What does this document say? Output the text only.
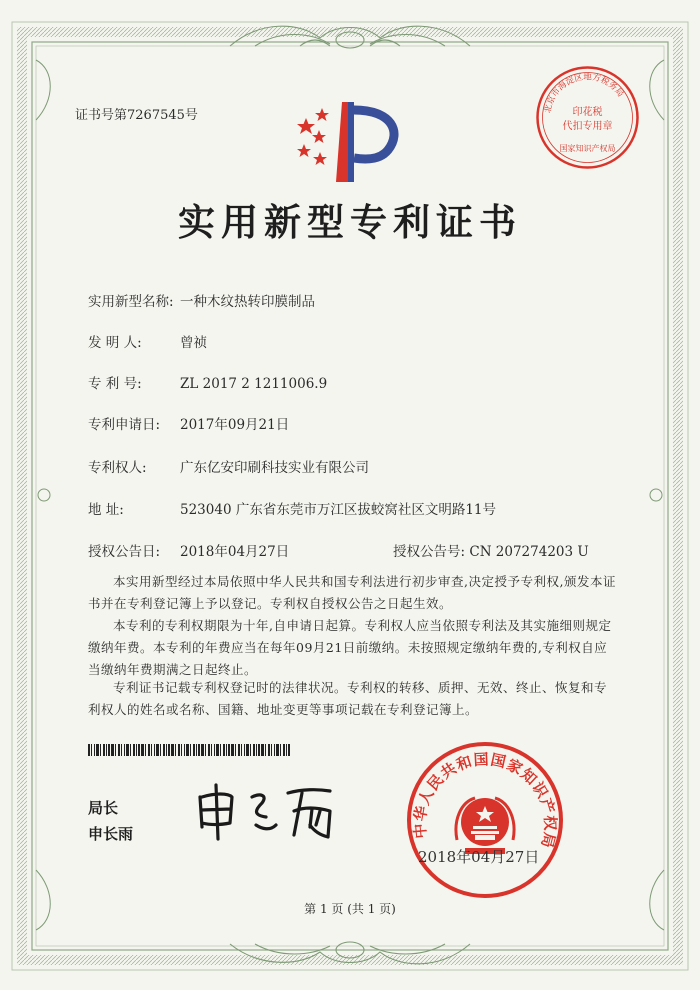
北京市海淀区地方税务局
印花税
代扣专用章
国家知识产权局
证书号第7267545号
实用新型专利证书
实用新型名称: 一种木纹热转印膜制品
发 明 人:	曾祯
专 利 号:	ZL 2017 2 1211006.9
专利申请日: 2017年09月21日
专利权人: 广东亿安印刷科技实业有限公司
地 址:	523040 广东省东莞市万江区拔蛟窝社区文明路11号
授权公告日: 2018年04月27日	授权公告号: CN 207274203 U
本实用新型经过本局依照中华人民共和国专利法进行初步审查,决定授予专利权,颁发本证书并在专利登记簿上予以登记。专利权自授权公告之日起生效。
本专利的专利权期限为十年,自申请日起算。专利权人应当依照专利法及其实施细则规定缴纳年费。本专利的年费应当在每年09月21日前缴纳。未按照规定缴纳年费的,专利权自应当缴纳年费期满之日起终止。
专利证书记载专利权登记时的法律状况。专利权的转移、质押、无效、终止、恢复和专利权人的姓名或名称、国籍、地址变更等事项记载在专利登记簿上。
局长
申长雨	中华人民共和国国家知识产权局
2018年04月27日
第 1 页 (共 1 页)
